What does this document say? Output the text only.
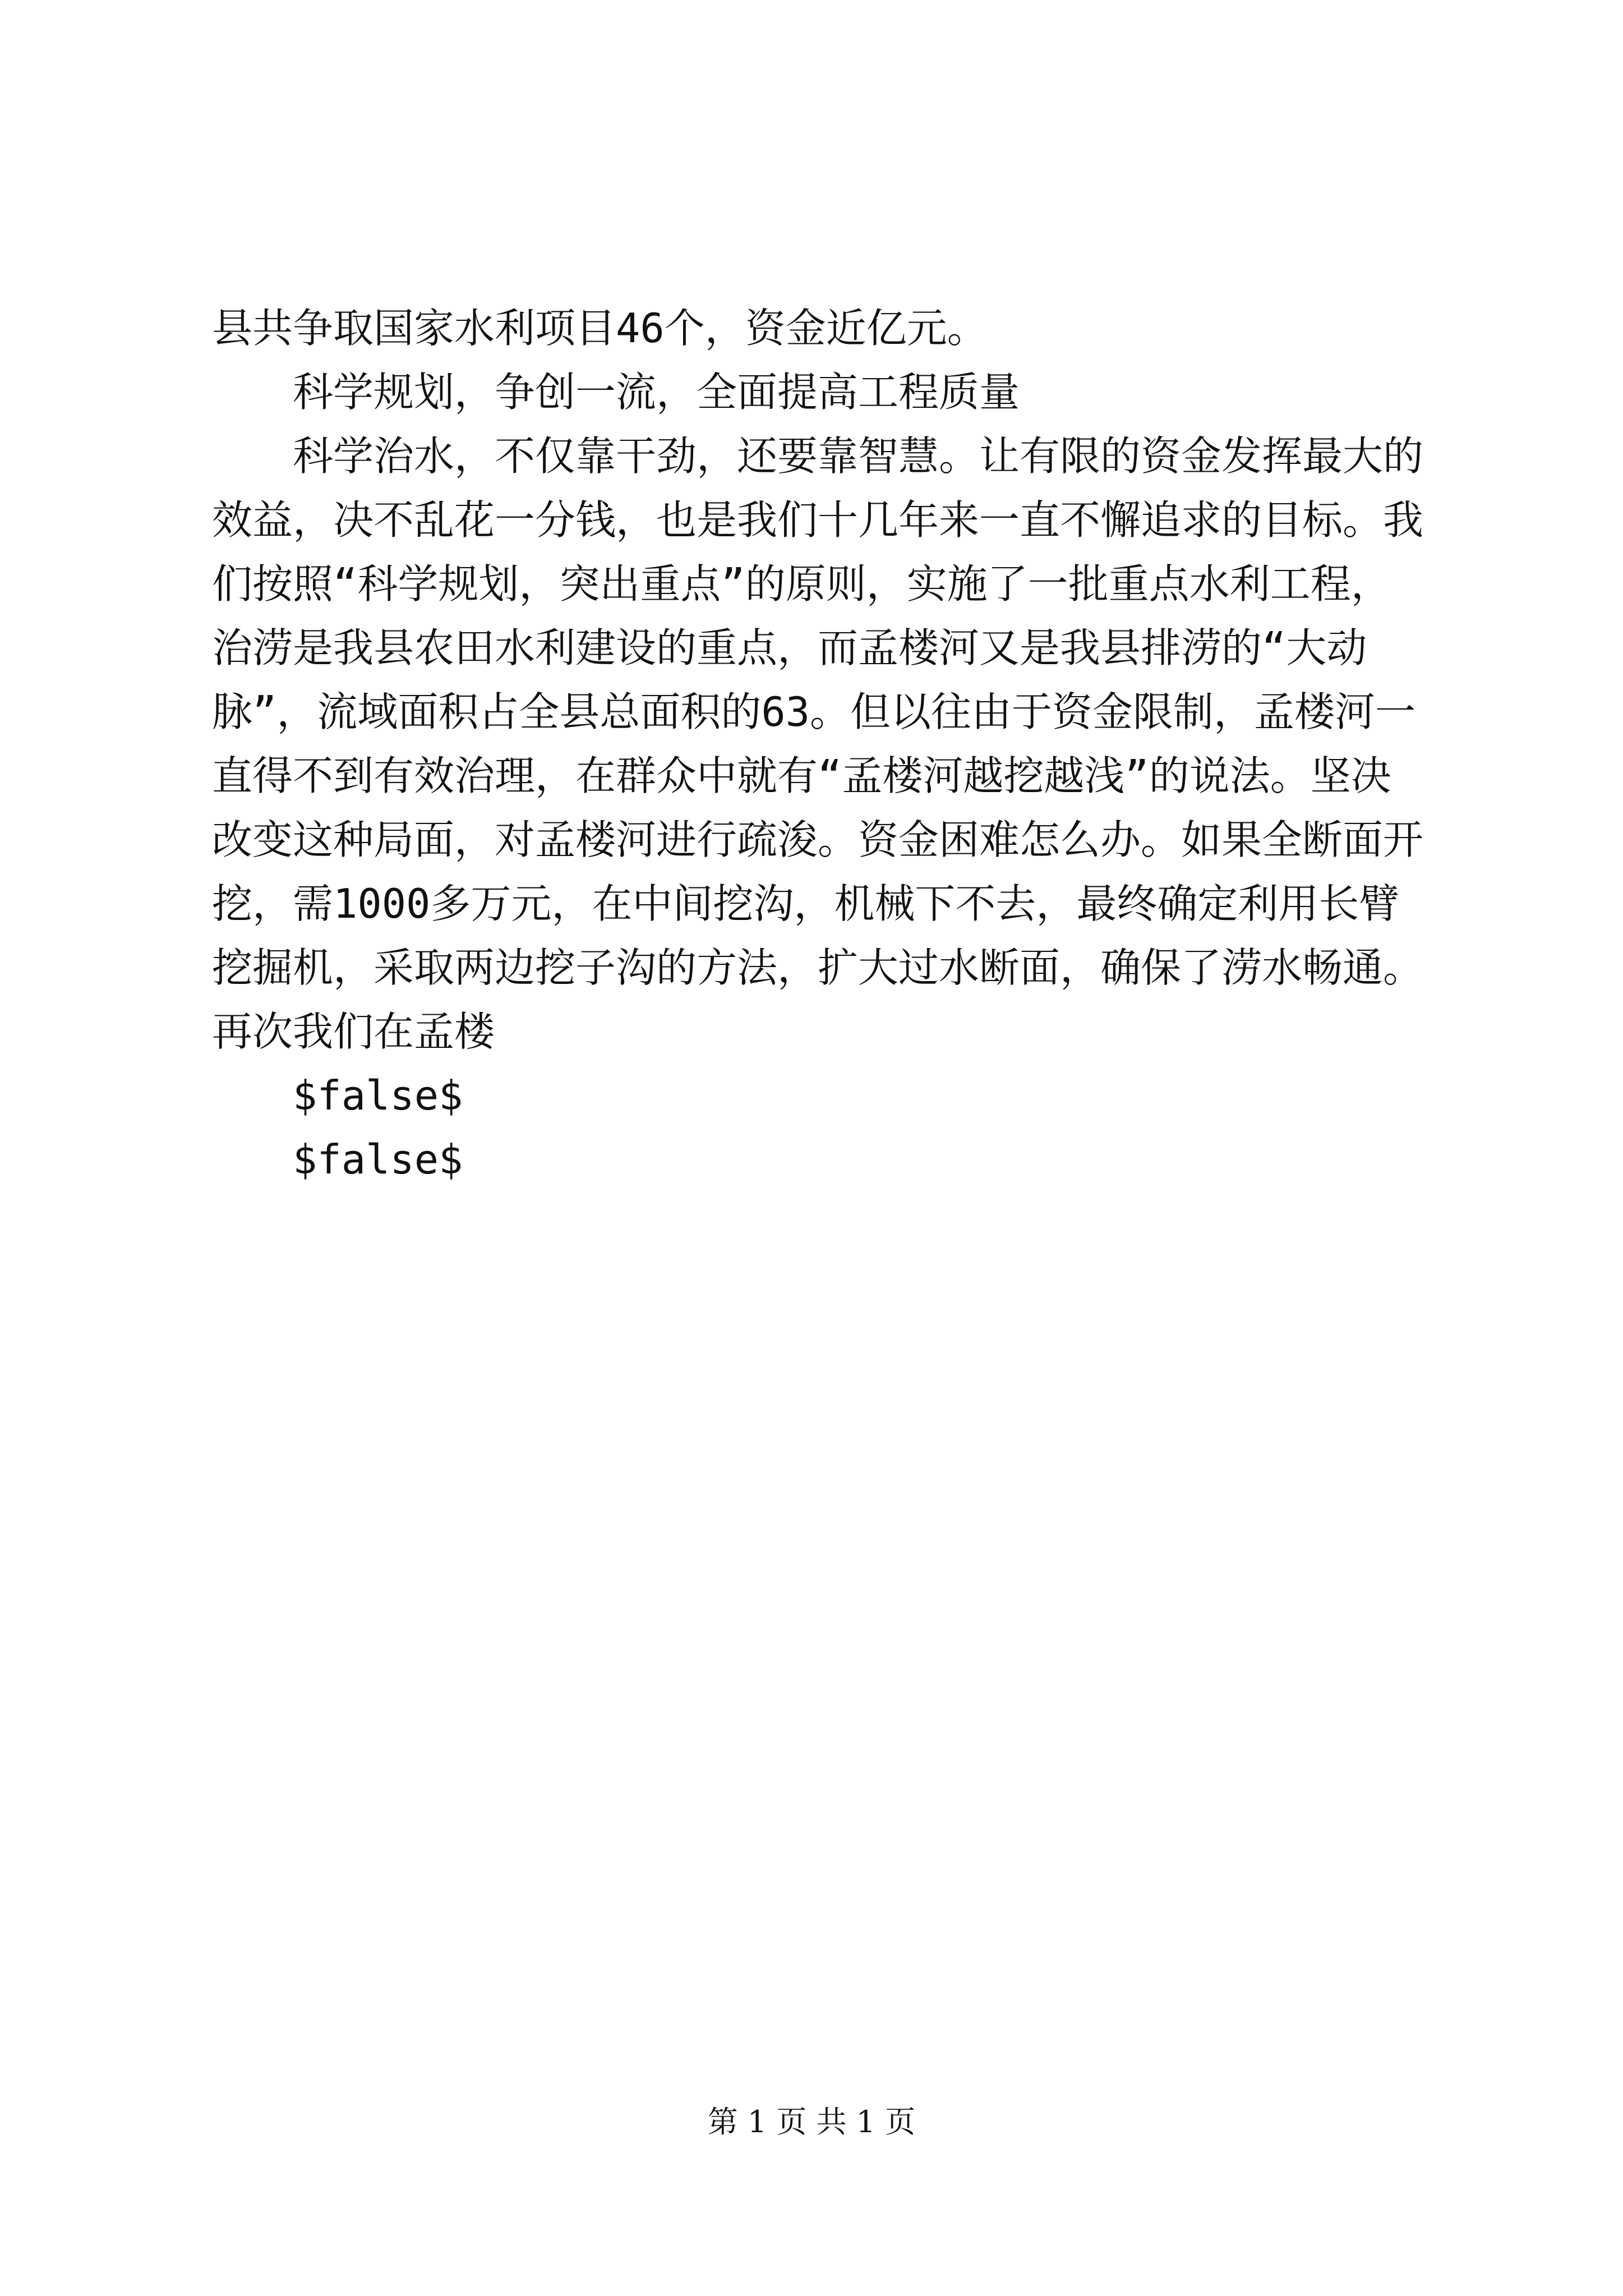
县共争取国家水利项目46个，资金近亿元。

科学规划，争创一流，全面提高工程质量

科学治水，不仅靠干劲，还要靠智慧。让有限的资金发挥最大的效益，决不乱花一分钱，也是我们十几年来一直不懈追求的目标。我们按照“科学规划，突出重点”的原则，实施了一批重点水利工程，治涝是我县农田水利建设的重点，而孟楼河又是我县排涝的“大动脉”，流域面积占全县总面积的63。但以往由于资金限制，孟楼河一直得不到有效治理，在群众中就有“孟楼河越挖越浅”的说法。坚决改变这种局面，对孟楼河进行疏浚。资金困难怎么办。如果全断面开挖，需1000多万元，在中间挖沟，机械下不去，最终确定利用长臂挖掘机，采取两边挖子沟的方法，扩大过水断面，确保了涝水畅通。再次我们在孟楼

$false$

$false$

第 1 页 共 1 页
